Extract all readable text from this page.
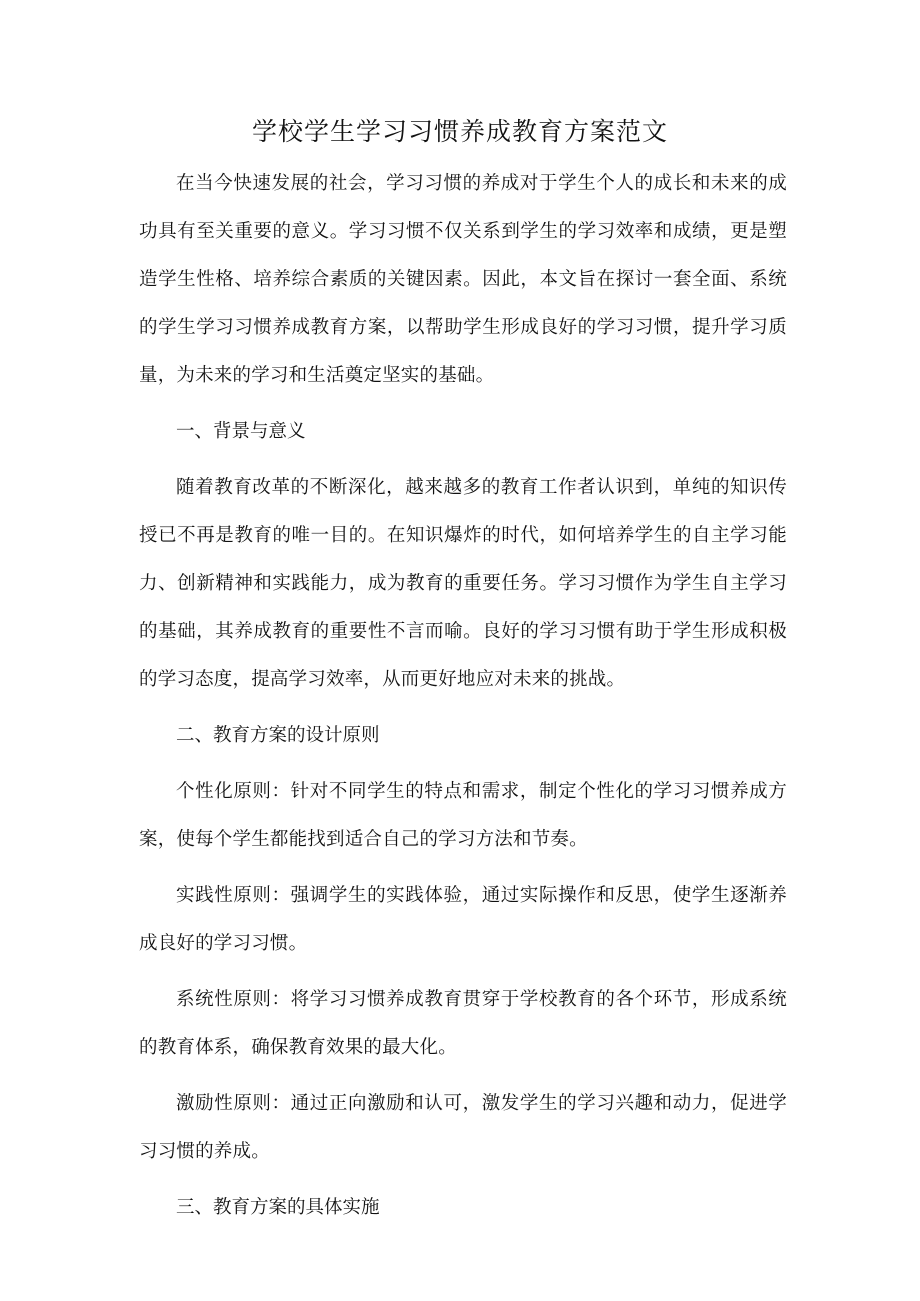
学校学生学习习惯养成教育方案范文

在当今快速发展的社会，学习习惯的养成对于学生个人的成长和未来的成功具有至关重要的意义。学习习惯不仅关系到学生的学习效率和成绩，更是塑造学生性格、培养综合素质的关键因素。因此，本文旨在探讨一套全面、系统的学生学习习惯养成教育方案，以帮助学生形成良好的学习习惯，提升学习质量，为未来的学习和生活奠定坚实的基础。

一、背景与意义

随着教育改革的不断深化，越来越多的教育工作者认识到，单纯的知识传授已不再是教育的唯一目的。在知识爆炸的时代，如何培养学生的自主学习能力、创新精神和实践能力，成为教育的重要任务。学习习惯作为学生自主学习的基础，其养成教育的重要性不言而喻。良好的学习习惯有助于学生形成积极的学习态度，提高学习效率，从而更好地应对未来的挑战。

二、教育方案的设计原则

个性化原则：针对不同学生的特点和需求，制定个性化的学习习惯养成方案，使每个学生都能找到适合自己的学习方法和节奏。

实践性原则：强调学生的实践体验，通过实际操作和反思，使学生逐渐养成良好的学习习惯。

系统性原则：将学习习惯养成教育贯穿于学校教育的各个环节，形成系统的教育体系，确保教育效果的最大化。

激励性原则：通过正向激励和认可，激发学生的学习兴趣和动力，促进学习习惯的养成。

三、教育方案的具体实施
